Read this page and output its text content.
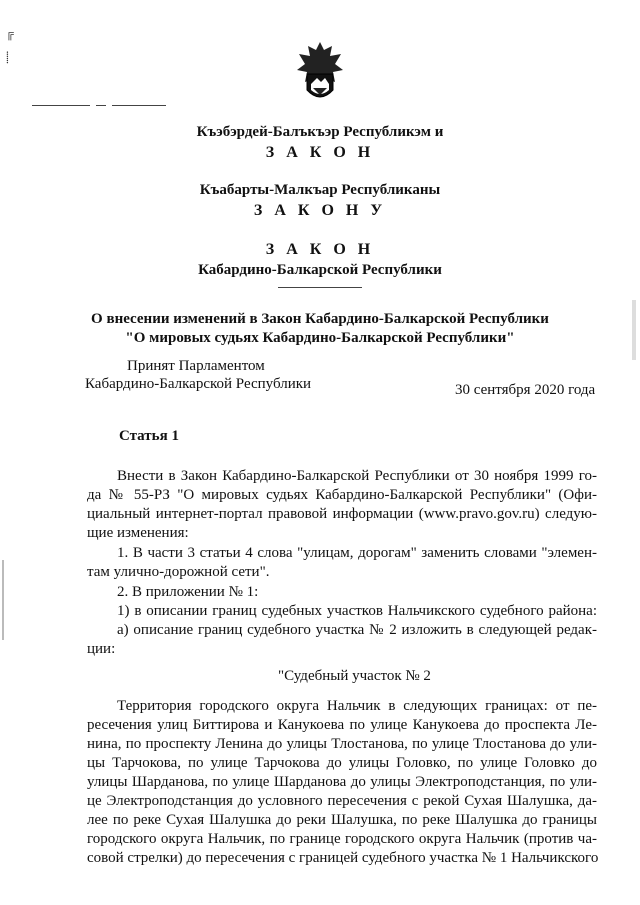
╔

⸽
Къэбэрдей-Балъкъэр Республикэм и
З А К О Н
Къабарты-Малкъар Республиканы
З А К О Н У
З А К О Н
Кабардино-Балкарской Республики
О внесении изменений в Закон Кабардино-Балкарской Республики
"О мировых судьях Кабардино-Балкарской Республики"
Принят Парламентом
Кабардино-Балкарской Республики	30 сентября 2020 года
Статья 1
Внести в Закон Кабардино-Балкарской Республики от 30 ноября 1999 го-
да № 55-РЗ "О мировых судьях Кабардино-Балкарской Республики" (Офи-
циальный интернет-портал правовой информации (www.pravo.gov.ru) следую-
щие изменения:
1. В части 3 статьи 4 слова "улицам, дорогам" заменить словами "элемен-
там улично-дорожной сети".
2. В приложении № 1:
1) в описании границ судебных участков Нальчикского судебного района:
а) описание границ судебного участка № 2 изложить в следующей редак-
ции:
"Судебный участок № 2
Территория городского округа Нальчик в следующих границах: от пе-
ресечения улиц Биттирова и Канукоева по улице Канукоева до проспекта Ле-
нина, по проспекту Ленина до улицы Тлостанова, по улице Тлостанова до ули-
цы Тарчокова, по улице Тарчокова до улицы Головко, по улице Головко до
улицы Шарданова, по улице Шарданова до улицы Электроподстанция, по ули-
це Электроподстанция до условного пересечения с рекой Сухая Шалушка, да-
лее по реке Сухая Шалушка до реки Шалушка, по реке Шалушка до границы
городского округа Нальчик, по границе городского округа Нальчик (против ча-
совой стрелки) до пересечения с границей судебного участка № 1 Нальчикского
